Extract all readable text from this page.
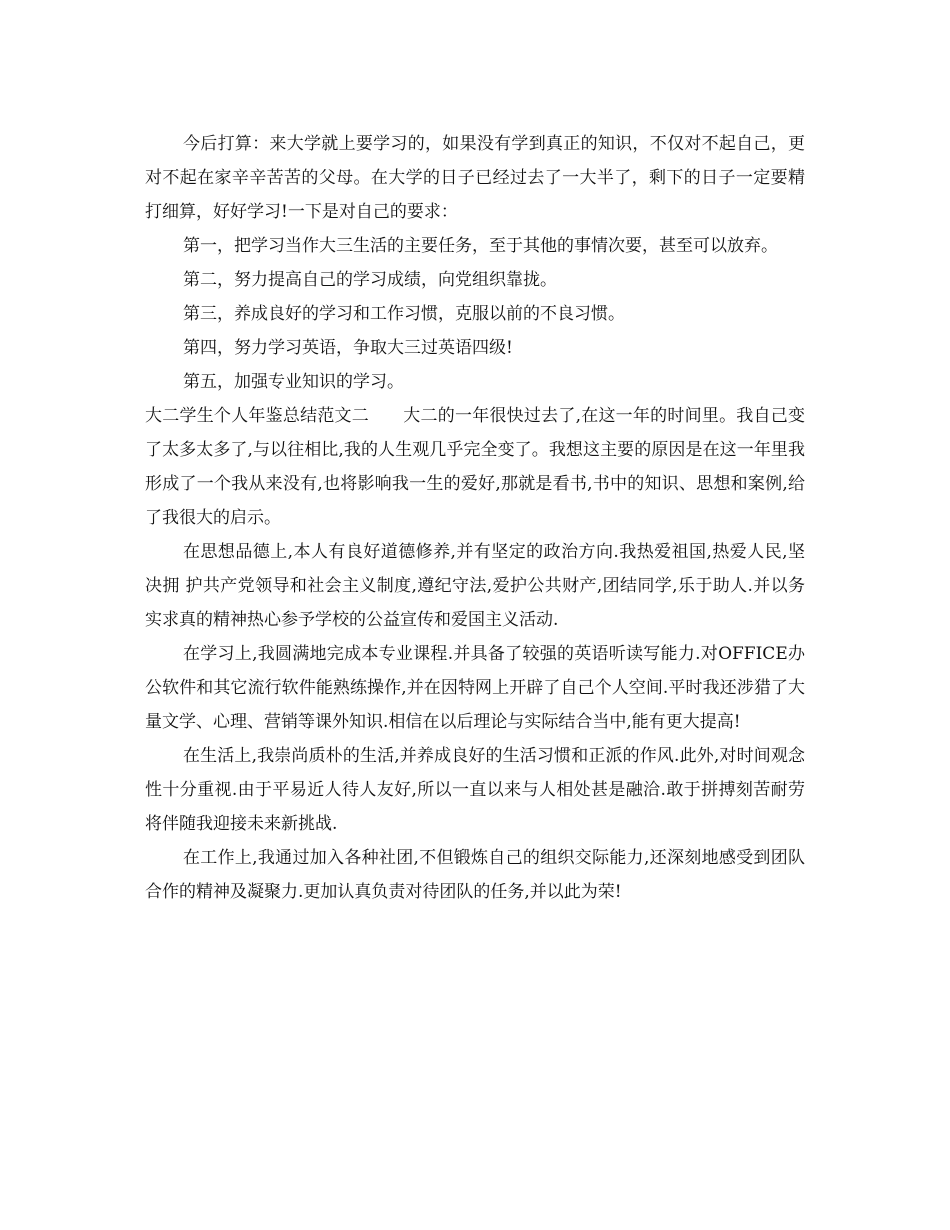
今后打算：来大学就上要学习的，如果没有学到真正的知识，不仅对不起自己，更对不起在家辛辛苦苦的父母。在大学的日子已经过去了一大半了，剩下的日子一定要精打细算，好好学习!一下是对自己的要求：

第一，把学习当作大三生活的主要任务，至于其他的事情次要，甚至可以放弃。

第二，努力提高自己的学习成绩，向党组织靠拢。

第三，养成良好的学习和工作习惯，克服以前的不良习惯。

第四，努力学习英语，争取大三过英语四级!

第五，加强专业知识的学习。

大二学生个人年鉴总结范文二 大二的一年很快过去了,在这一年的时间里。我自己变了太多太多了,与以往相比,我的人生观几乎完全变了。我想这主要的原因是在这一年里我形成了一个我从来没有,也将影响我一生的爱好,那就是看书,书中的知识、思想和案例,给了我很大的启示。

在思想品德上,本人有良好道德修养,并有坚定的政治方向.我热爱祖国,热爱人民,坚决拥 护共产党领导和社会主义制度,遵纪守法,爱护公共财产,团结同学,乐于助人.并以务实求真的精神热心参予学校的公益宣传和爱国主义活动.

在学习上,我圆满地完成本专业课程.并具备了较强的英语听读写能力.对OFFICE办公软件和其它流行软件能熟练操作,并在因特网上开辟了自己个人空间.平时我还涉猎了大量文学、心理、营销等课外知识.相信在以后理论与实际结合当中,能有更大提高!

在生活上,我崇尚质朴的生活,并养成良好的生活习惯和正派的作风.此外,对时间观念性十分重视.由于平易近人待人友好,所以一直以来与人相处甚是融洽.敢于拼搏刻苦耐劳将伴随我迎接未来新挑战.

在工作上,我通过加入各种社团,不但锻炼自己的组织交际能力,还深刻地感受到团队合作的精神及凝聚力.更加认真负责对待团队的任务,并以此为荣!
